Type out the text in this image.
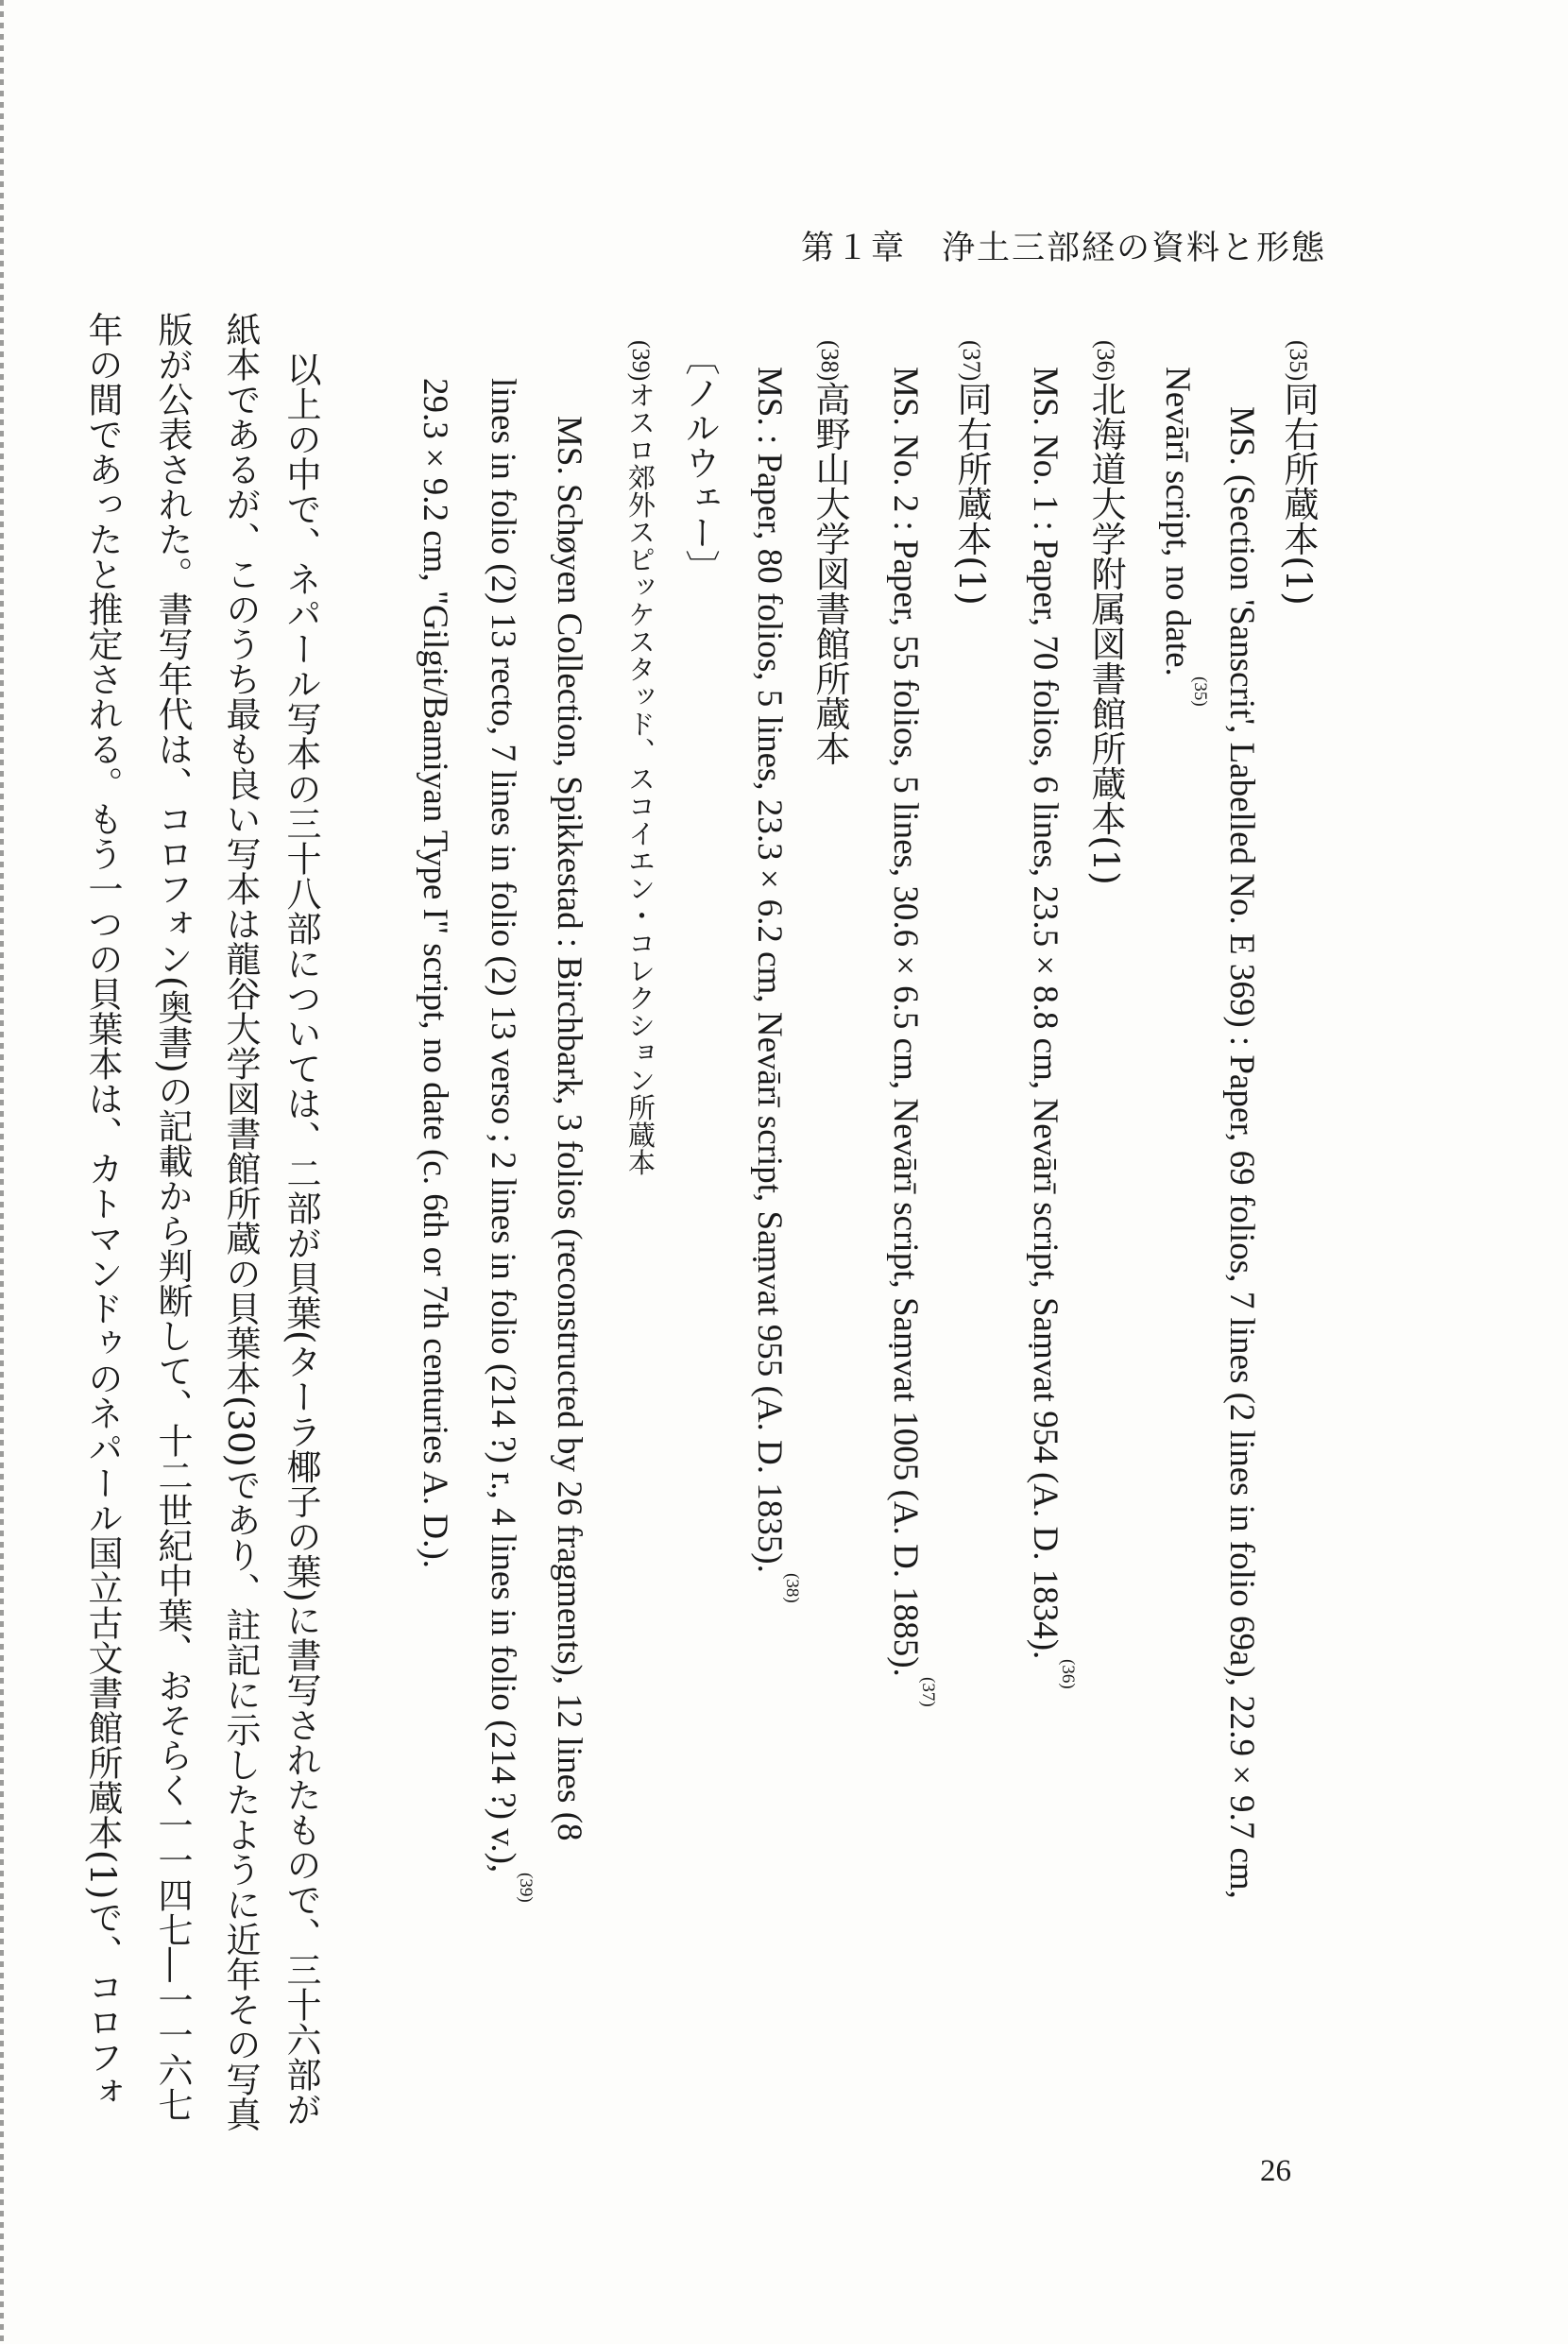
第１章 浄土三部経の資料と形態
(35)同右所蔵本(1)
MS. (Section 'Sanscrit', Labelled No. E 369) : Paper, 69 folios, 7 lines (2 lines in folio 69a), 22.9×9.7 cm,
Nevārī script, no date.(35)
(36)北海道大学附属図書館所蔵本(1)
MS. No. 1 : Paper, 70 folios, 6 lines, 23.5×8.8 cm, Nevārī script, Saṃvat 954 (A. D. 1834).(36)
(37)同右所蔵本(1)
MS. No. 2 : Paper, 55 folios, 5 lines, 30.6×6.5 cm, Nevārī script, Saṃvat 1005 (A. D. 1885).(37)
(38)高野山大学図書館所蔵本
MS. : Paper, 80 folios, 5 lines, 23.3×6.2 cm, Nevārī script, Saṃvat 955 (A. D. 1835).(38)
〔ノルウェー〕
(39)オスロ郊外スピッケスタッド、スコイエン・コレクション所蔵本
MS. Schøyen Collection, Spikkestad : Birchbark, 3 folios (reconstructed by 26 fragments), 12 lines (8
lines in folio (2) 13 recto, 7 lines in folio (2) 13 verso ; 2 lines in folio (214 ?) r., 4 lines in folio (214 ?) v.),(39)
29.3×9.2 cm, "Gilgit/Bamiyan Type I" script, no date (c. 6th or 7th centuries A. D.).
以上の中で、ネパール写本の三十八部については、二部が貝葉(ターラ椰子の葉)に書写されたもので、三十六部が
紙本であるが、このうち最も良い写本は龍谷大学図書館所蔵の貝葉本(30)であり、註記に示したように近年その写真
版が公表された。書写年代は、コロフォン(奥書)の記載から判断して、十二世紀中葉、おそらく一一四七―一一六七
年の間であったと推定される。もう一つの貝葉本は、カトマンドゥのネパール国立古文書館所蔵本(1)で、コロフォ
26
